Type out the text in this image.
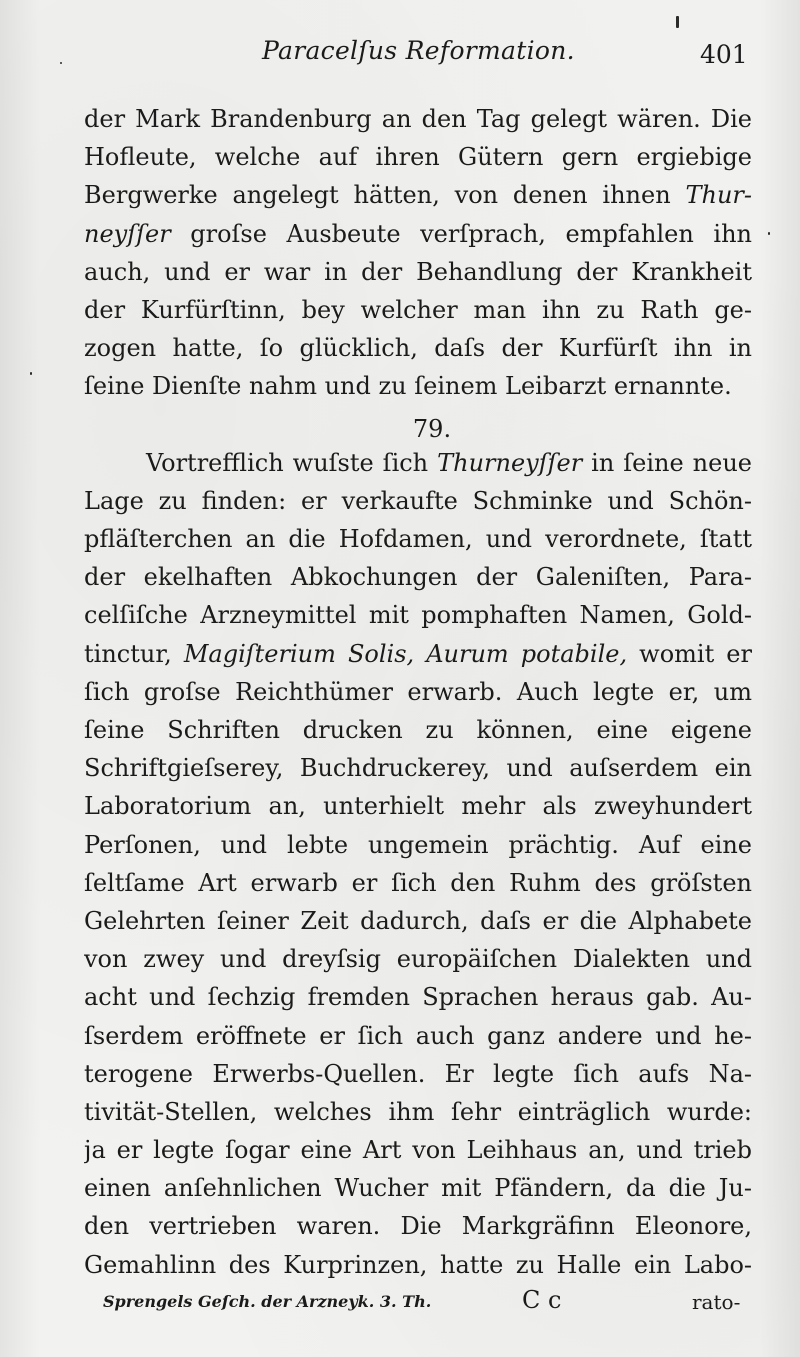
Paracelſus Reformation.	401
der Mark Brandenburg an den Tag gelegt wären. Die
Hofleute, welche auf ihren Gütern gern ergiebige
Bergwerke angelegt hätten, von denen ihnen Thur-
neyſſer groſse Ausbeute verſprach, empfahlen ihn
auch, und er war in der Behandlung der Krankheit
der Kurfürſtinn, bey welcher man ihn zu Rath ge-
zogen hatte, ſo glücklich, daſs der Kurfürſt ihn in
ſeine Dienſte nahm und zu ſeinem Leibarzt ernannte.
79.
Vortrefflich wuſste ſich Thurneyſſer in ſeine neue
Lage zu finden: er verkaufte Schminke und Schön-
pfläſterchen an die Hofdamen, und verordnete, ſtatt
der ekelhaften Abkochungen der Galeniſten, Para-
celſiſche Arzneymittel mit pomphaften Namen, Gold-
tinctur, Magiſterium Solis, Aurum potabile, womit er
ſich groſse Reichthümer erwarb. Auch legte er, um
ſeine Schriften drucken zu können, eine eigene
Schriftgieſserey, Buchdruckerey, und auſserdem ein
Laboratorium an, unterhielt mehr als zweyhundert
Perſonen, und lebte ungemein prächtig. Auf eine
ſeltſame Art erwarb er ſich den Ruhm des gröſsten
Gelehrten ſeiner Zeit dadurch, daſs er die Alphabete
von zwey und dreyſsig europäiſchen Dialekten und
acht und ſechzig fremden Sprachen heraus gab. Au-
ſserdem eröffnete er ſich auch ganz andere und he-
terogene Erwerbs-Quellen. Er legte ſich aufs Na-
tivität-Stellen, welches ihm ſehr einträglich wurde:
ja er legte ſogar eine Art von Leihhaus an, und trieb
einen anſehnlichen Wucher mit Pfändern, da die Ju-
den vertrieben waren. Die Markgräfinn Eleonore,
Gemahlinn des Kurprinzen, hatte zu Halle ein Labo-
Sprengels Geſch. der Arzneyk. 3. Th.	C c	rato-
